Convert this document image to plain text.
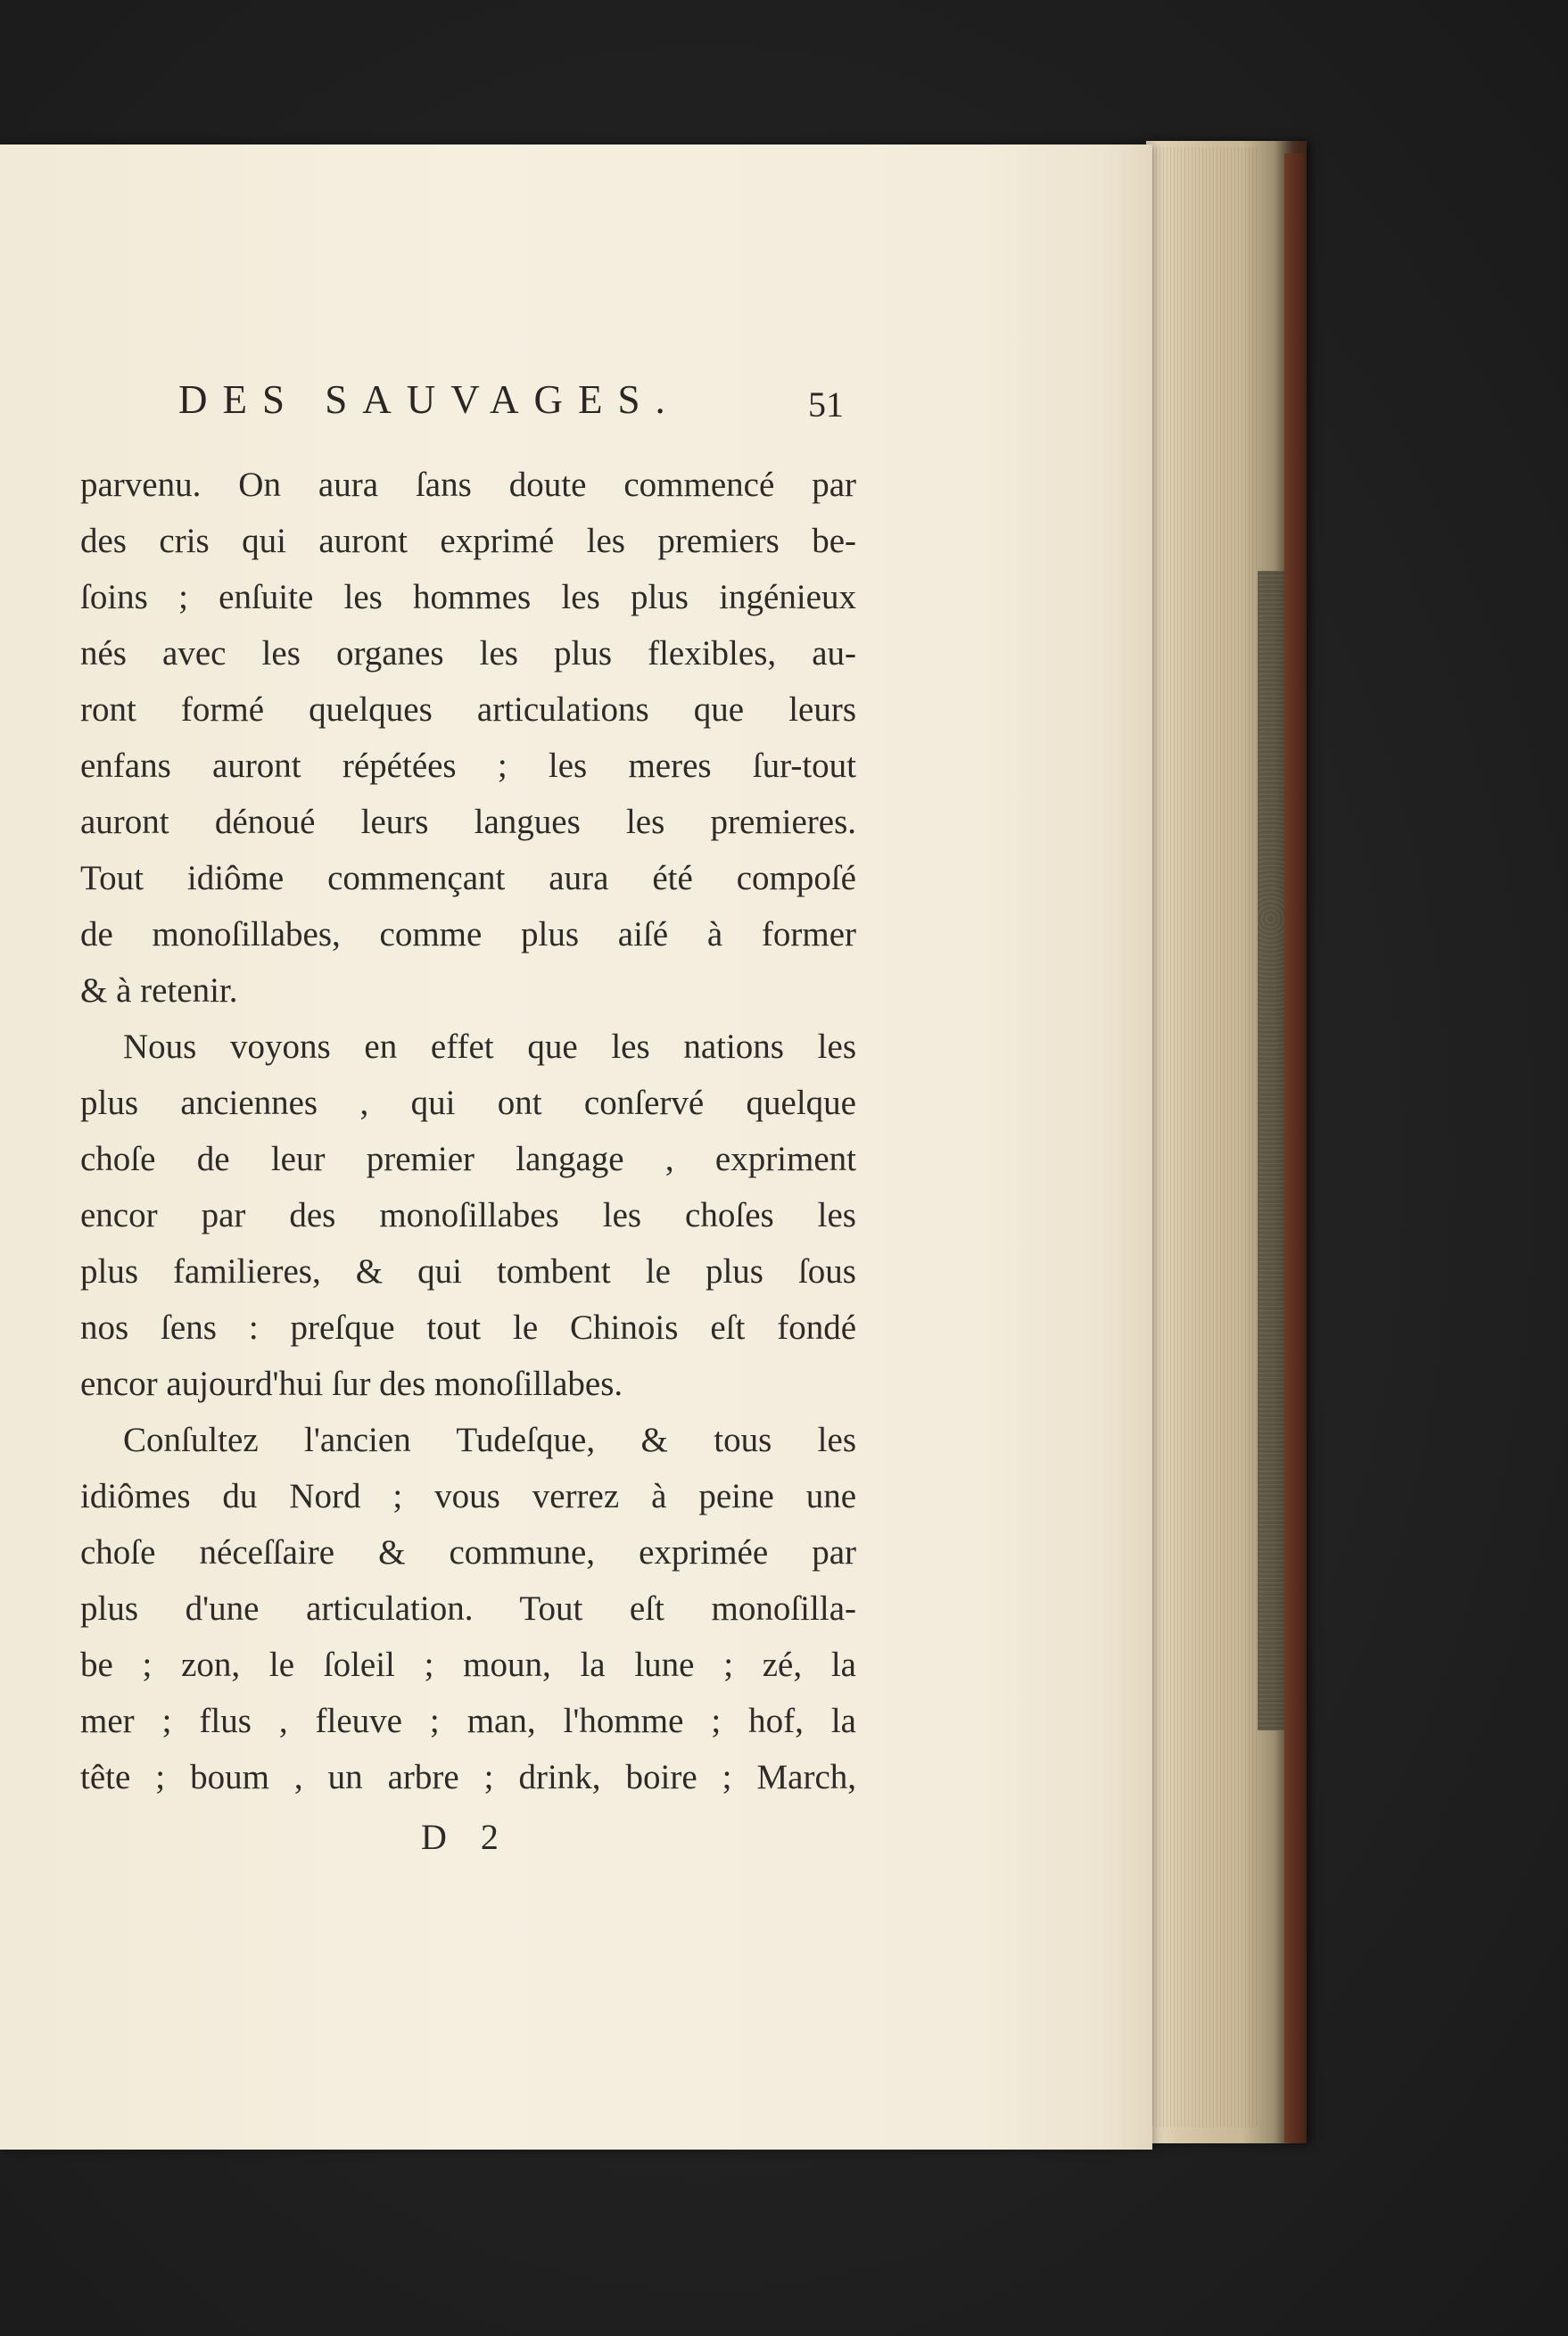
DES SAUVAGES.	51
parvenu. On aura ſans doute commencé par
des cris qui auront exprimé les premiers be-
ſoins ; enſuite les hommes les plus ingénieux
nés avec les organes les plus flexibles, au-
ront formé quelques articulations que leurs
enfans auront répétées ; les meres ſur-tout
auront dénoué leurs langues les premieres.
Tout idiôme commençant aura été compoſé
de monoſillabes, comme plus aiſé à former
& à retenir.
Nous voyons en effet que les nations les
plus anciennes , qui ont conſervé quelque
choſe de leur premier langage , expriment
encor par des monoſillabes les choſes les
plus familieres, & qui tombent le plus ſous
nos ſens : preſque tout le Chinois eſt fondé
encor aujourd'hui ſur des monoſillabes.
Conſultez l'ancien Tudeſque, & tous les
idiômes du Nord ; vous verrez à peine une
choſe néceſſaire & commune, exprimée par
plus d'une articulation. Tout eſt monoſilla-
be ; zon, le ſoleil ; moun, la lune ; zé, la
mer ; flus , fleuve ; man, l'homme ; hof, la
tête ; boum , un arbre ; drink, boire ; March,
D 2
